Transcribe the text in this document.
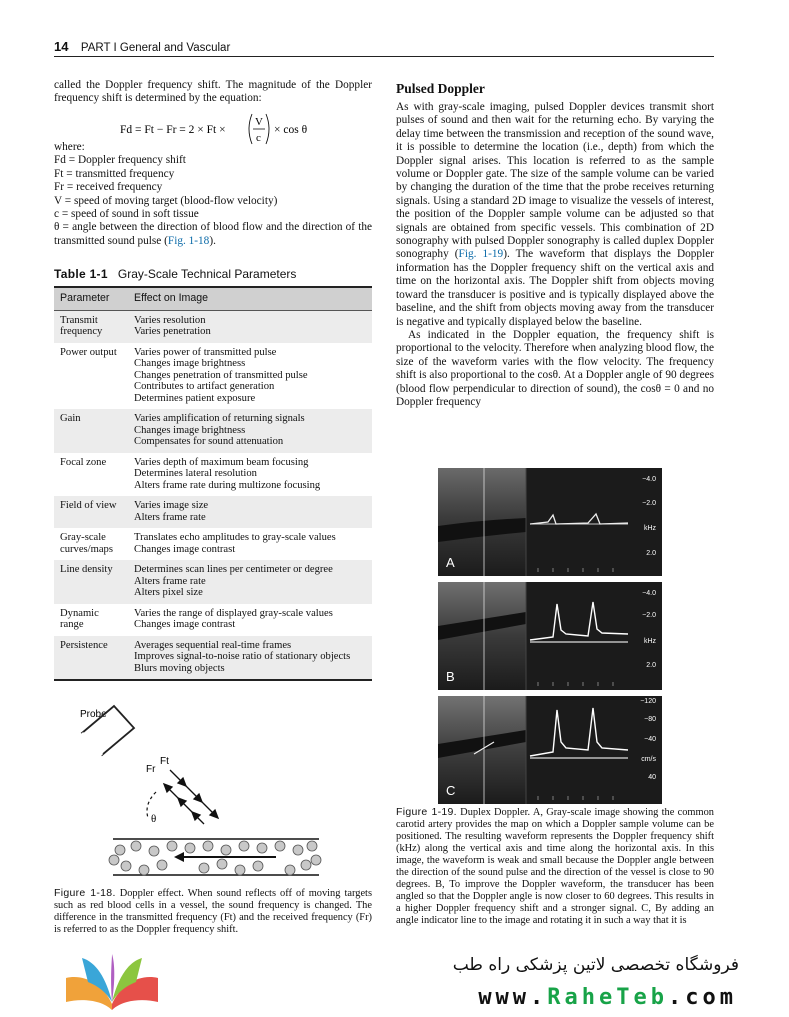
14 PART I General and Vascular

called the Doppler frequency shift. The magnitude of the Doppler frequency shift is determined by the equation:

Fd = Ft − Fr = 2 × Ft ×
V
c
× cos θ

where:

Fd = Doppler frequency shift

Ft = transmitted frequency

Fr = received frequency

V = speed of moving target (blood-flow velocity)

c = speed of sound in soft tissue

θ = angle between the direction of blood flow and the direction of the transmitted sound pulse (Fig. 1-18).

Table 1-1 Gray-Scale Technical Parameters
Parameter	Effect on Image
Transmit frequency	Varies resolution
Varies penetration

Power output	Varies power of transmitted pulse
Changes image brightness
Changes penetration of transmitted pulse
Contributes to artifact generation
Determines patient exposure

Gain	Varies amplification of returning signals
Changes image brightness
Compensates for sound attenuation

Focal zone	Varies depth of maximum beam focusing
Determines lateral resolution
Alters frame rate during multizone focusing

Field of view	Varies image size
Alters frame rate

Gray-scale curves/maps	Translates echo amplitudes to gray-scale values
Changes image contrast

Line density	Determines scan lines per centimeter or degree
Alters frame rate
Alters pixel size

Dynamic range	Varies the range of displayed gray-scale values
Changes image contrast

Persistence	Averages sequential real-time frames
Improves signal-to-noise ratio of stationary objects
Blurs moving objects
Probe
Ft
Fr
θ
Figure 1-18. Doppler effect. When sound reflects off of moving targets such as red blood cells in a vessel, the sound frequency is changed. The difference in the transmitted frequency (Ft) and the received frequency (Fr) is referred to as the Doppler frequency shift.
Pulsed Doppler

As with gray-scale imaging, pulsed Doppler devices transmit short pulses of sound and then wait for the returning echo. By varying the delay time between the transmission and reception of the sound wave, it is possible to determine the location (i.e., depth) from which the Doppler signal arises. This location is referred to as the sample volume or Doppler gate. The size of the sample volume can be varied by changing the duration of the time that the probe receives returning signals. Using a standard 2D image to visualize the vessels of interest, the position of the Doppler sample volume can be adjusted so that signals are obtained from specific vessels. This combination of 2D sonography with pulsed Doppler sonography is called duplex Doppler sonography (Fig. 1-19). The waveform that displays the Doppler information has the Doppler frequency shift on the vertical axis and time on the horizontal axis. The Doppler shift from objects moving toward the transducer is positive and is typically displayed above the baseline, and the shift from objects moving away from the transducer is negative and typically displayed below the baseline.

As indicated in the Doppler equation, the frequency shift is proportional to the velocity. Therefore when analyzing blood flow, the size of the waveform varies with the flow velocity. The frequency shift is also proportional to the cosθ. At a Doppler angle of 90 degrees (blood flow perpendicular to direction of sound), the cosθ = 0 and no Doppler frequency

−4.0
−2.0
kHz
2.0
A
−4.0
−2.0
kHz
2.0
B
−120
−80
−40
cm/s
40
C
Figure 1-19. Duplex Doppler. A, Gray-scale image showing the common carotid artery provides the map on which a Doppler sample volume can be positioned. The resulting waveform represents the Doppler frequency shift (kHz) along the vertical axis and time along the horizontal axis. In this image, the waveform is weak and small because the Doppler angle between the direction of the sound pulse and the direction of the vessel is close to 90 degrees. B, To improve the Doppler waveform, the transducer has been angled so that the Doppler angle is now closer to 60 degrees. This results in a higher Doppler frequency shift and a stronger signal. C, By adding an angle indicator line to the image and rotating it in such a way that it is
فروشگاه تخصصی لاتین پزشکی راه طب
www.RaheTeb.com
